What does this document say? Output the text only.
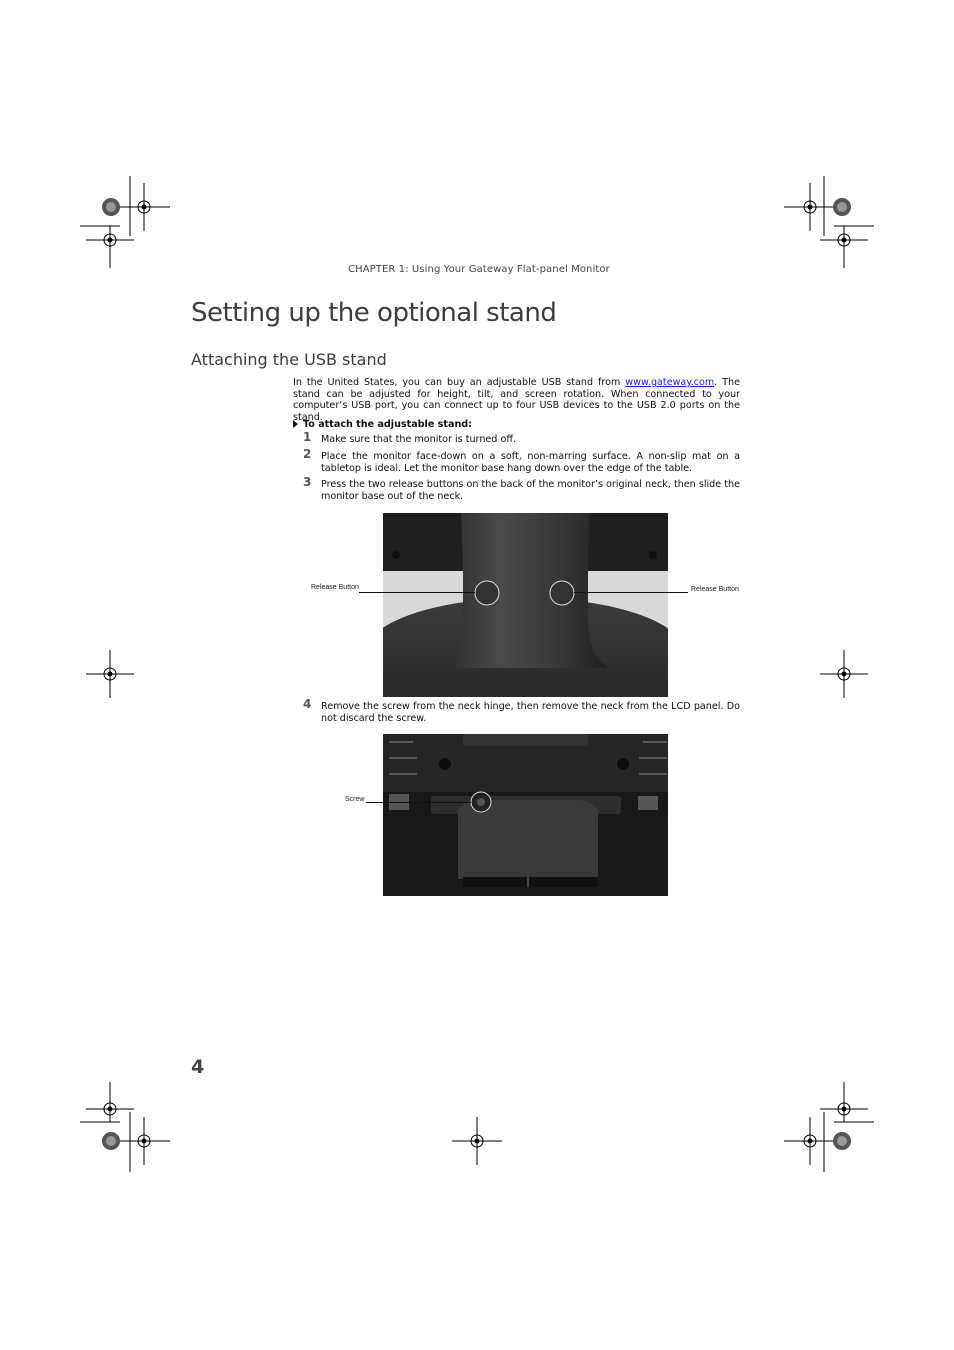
CHAPTER 1: Using Your Gateway Flat-panel Monitor
Setting up the optional stand
Attaching the USB stand
In the United States, you can buy an adjustable USB stand from www.gateway.com. The stand can be adjusted for height, tilt, and screen rotation. When connected to your computer’s USB port, you can connect up to four USB devices to the USB 2.0 ports on the stand.
To attach the adjustable stand:
1 Make sure that the monitor is turned off.
2 Place the monitor face-down on a soft, non-marring surface. A non-slip mat on a tabletop is ideal. Let the monitor base hang down over the edge of the table.
3 Press the two release buttons on the back of the monitor’s original neck, then slide the monitor base out of the neck.
Release Button	Release Button
4 Remove the screw from the neck hinge, then remove the neck from the LCD panel. Do not discard the screw.
Screw
4
